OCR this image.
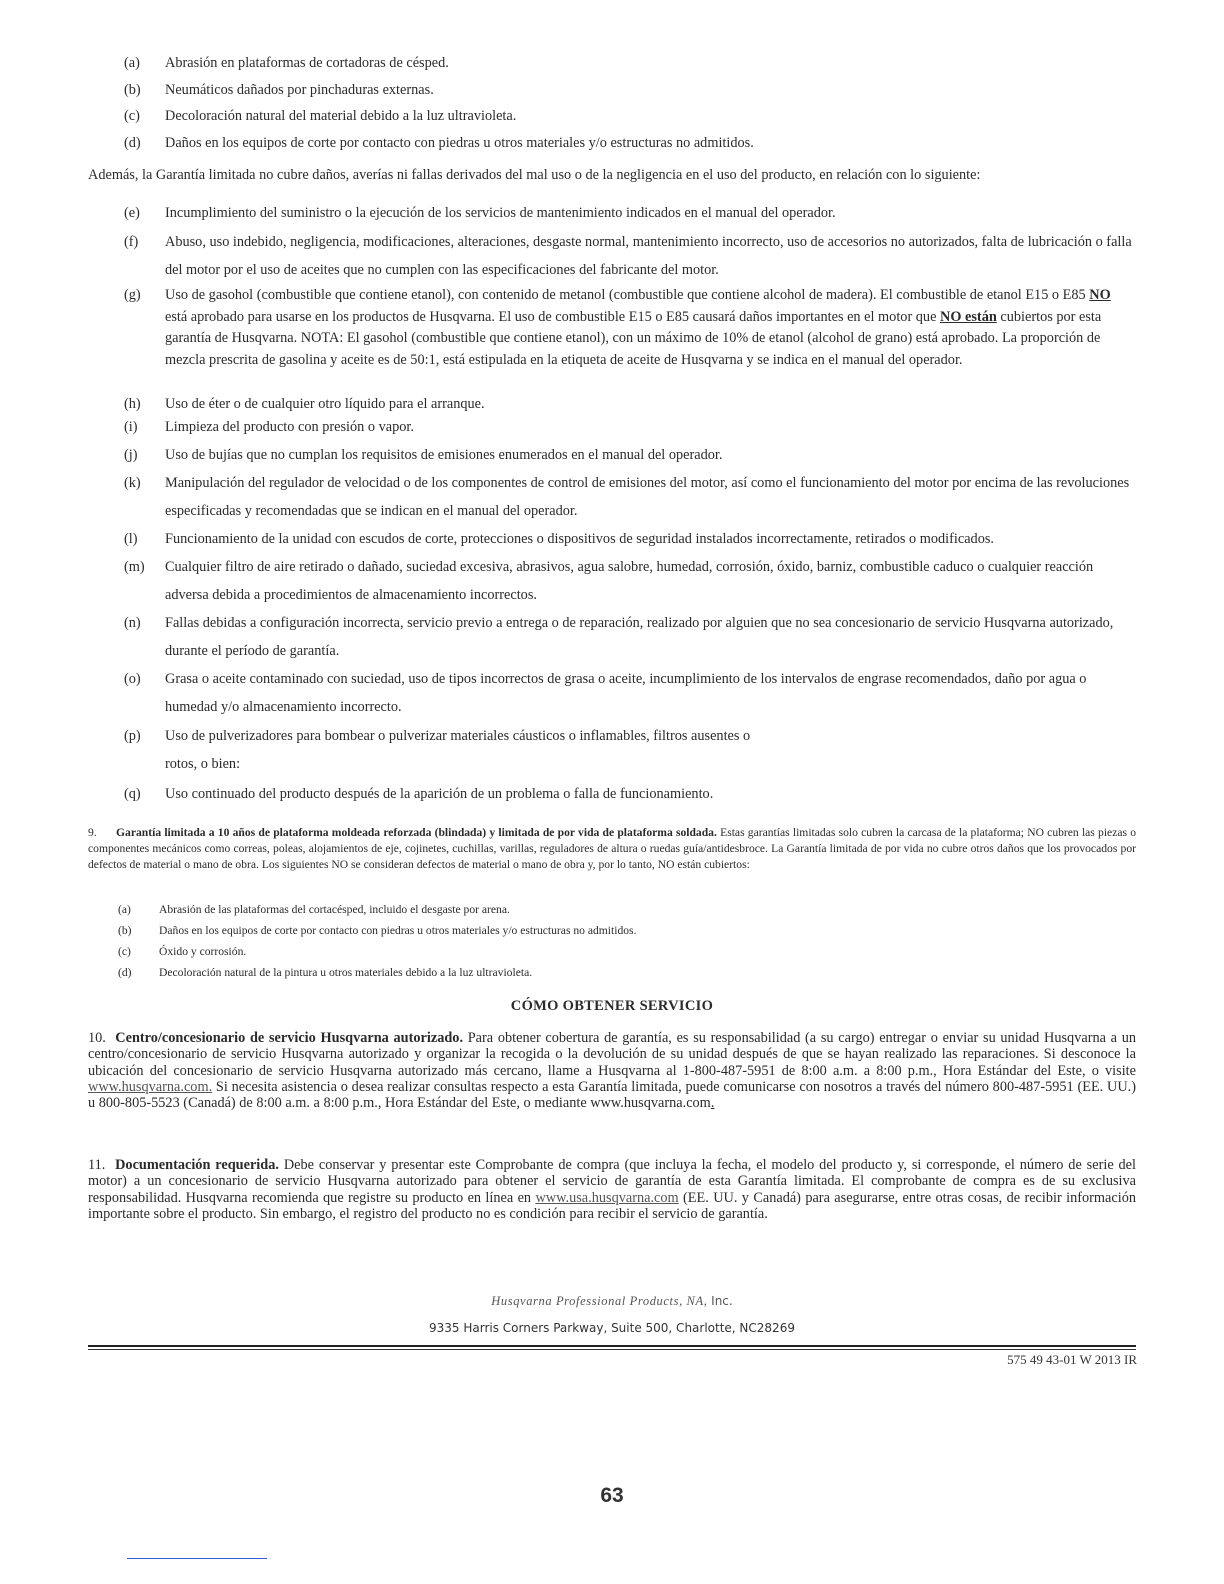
(a) Abrasión en plataformas de cortadoras de césped.
(b) Neumáticos dañados por pinchaduras externas.
(c) Decoloración natural del material debido a la luz ultravioleta.
(d) Daños en los equipos de corte por contacto con piedras u otros materiales y/o estructuras no admitidos.
Además, la Garantía limitada no cubre daños, averías ni fallas derivados del mal uso o de la negligencia en el uso del producto, en relación con lo siguiente:
(e) Incumplimiento del suministro o la ejecución de los servicios de mantenimiento indicados en el manual del operador.
(f) Abuso, uso indebido, negligencia, modificaciones, alteraciones, desgaste normal, mantenimiento incorrecto, uso de accesorios no autorizados, falta de lubricación o falla del motor por el uso de aceites que no cumplen con las especificaciones del fabricante del motor.
(g) Uso de gasohol (combustible que contiene etanol), con contenido de metanol (combustible que contiene alcohol de madera). El combustible de etanol E15 o E85 NO está aprobado para usarse en los productos de Husqvarna. El uso de combustible E15 o E85 causará daños importantes en el motor que NO están cubiertos por esta garantía de Husqvarna. NOTA: El gasohol (combustible que contiene etanol), con un máximo de 10% de etanol (alcohol de grano) está aprobado. La proporción de mezcla prescrita de gasolina y aceite es de 50:1, está estipulada en la etiqueta de aceite de Husqvarna y se indica en el manual del operador.
(h) Uso de éter o de cualquier otro líquido para el arranque.
(i) Limpieza del producto con presión o vapor.
(j) Uso de bujías que no cumplan los requisitos de emisiones enumerados en el manual del operador.
(k) Manipulación del regulador de velocidad o de los componentes de control de emisiones del motor, así como el funcionamiento del motor por encima de las revoluciones especificadas y recomendadas que se indican en el manual del operador.
(l) Funcionamiento de la unidad con escudos de corte, protecciones o dispositivos de seguridad instalados incorrectamente, retirados o modificados.
(m) Cualquier filtro de aire retirado o dañado, suciedad excesiva, abrasivos, agua salobre, humedad, corrosión, óxido, barniz, combustible caduco o cualquier reacción adversa debida a procedimientos de almacenamiento incorrectos.
(n) Fallas debidas a configuración incorrecta, servicio previo a entrega o de reparación, realizado por alguien que no sea concesionario de servicio Husqvarna autorizado, durante el período de garantía.
(o) Grasa o aceite contaminado con suciedad, uso de tipos incorrectos de grasa o aceite, incumplimiento de los intervalos de engrase recomendados, daño por agua o humedad y/o almacenamiento incorrecto.
(p) Uso de pulverizadores para bombear o pulverizar materiales cáusticos o inflamables, filtros ausentes o
rotos, o bien:
(q) Uso continuado del producto después de la aparición de un problema o falla de funcionamiento.
9. Garantía limitada a 10 años de plataforma moldeada reforzada (blindada) y limitada de por vida de plataforma soldada. Estas garantías limitadas solo cubren la carcasa de la plataforma; NO cubren las piezas o componentes mecánicos como correas, poleas, alojamientos de eje, cojinetes, cuchillas, varillas, reguladores de altura o ruedas guía/antidesbroce. La Garantía limitada de por vida no cubre otros daños que los provocados por defectos de material o mano de obra. Los siguientes NO se consideran defectos de material o mano de obra y, por lo tanto, NO están cubiertos:
(a) Abrasión de las plataformas del cortacésped, incluido el desgaste por arena.
(b) Daños en los equipos de corte por contacto con piedras u otros materiales y/o estructuras no admitidos.
(c) Óxido y corrosión.
(d) Decoloración natural de la pintura u otros materiales debido a la luz ultravioleta.
CÓMO OBTENER SERVICIO
10. Centro/concesionario de servicio Husqvarna autorizado. Para obtener cobertura de garantía, es su responsabilidad (a su cargo) entregar o enviar su unidad Husqvarna a un centro/concesionario de servicio Husqvarna autorizado y organizar la recogida o la devolución de su unidad después de que se hayan realizado las reparaciones. Si desconoce la ubicación del concesionario de servicio Husqvarna autorizado más cercano, llame a Husqvarna al 1-800-487-5951 de 8:00 a.m. a 8:00 p.m., Hora Estándar del Este, o visite www.husqvarna.com. Si necesita asistencia o desea realizar consultas respecto a esta Garantía limitada, puede comunicarse con nosotros a través del número 800-487-5951 (EE. UU.) u 800-805-5523 (Canadá) de 8:00 a.m. a 8:00 p.m., Hora Estándar del Este, o mediante www.husqvarna.com.
11. Documentación requerida. Debe conservar y presentar este Comprobante de compra (que incluya la fecha, el modelo del producto y, si corresponde, el número de serie del motor) a un concesionario de servicio Husqvarna autorizado para obtener el servicio de garantía de esta Garantía limitada. El comprobante de compra es de su exclusiva responsabilidad. Husqvarna recomienda que registre su producto en línea en www.usa.husqvarna.com (EE. UU. y Canadá) para asegurarse, entre otras cosas, de recibir información importante sobre el producto. Sin embargo, el registro del producto no es condición para recibir el servicio de garantía.
Husqvarna Professional Products, NA, Inc.
9335 Harris Corners Parkway, Suite 500, Charlotte, NC28269
575 49 43-01 W 2013 IR
63
